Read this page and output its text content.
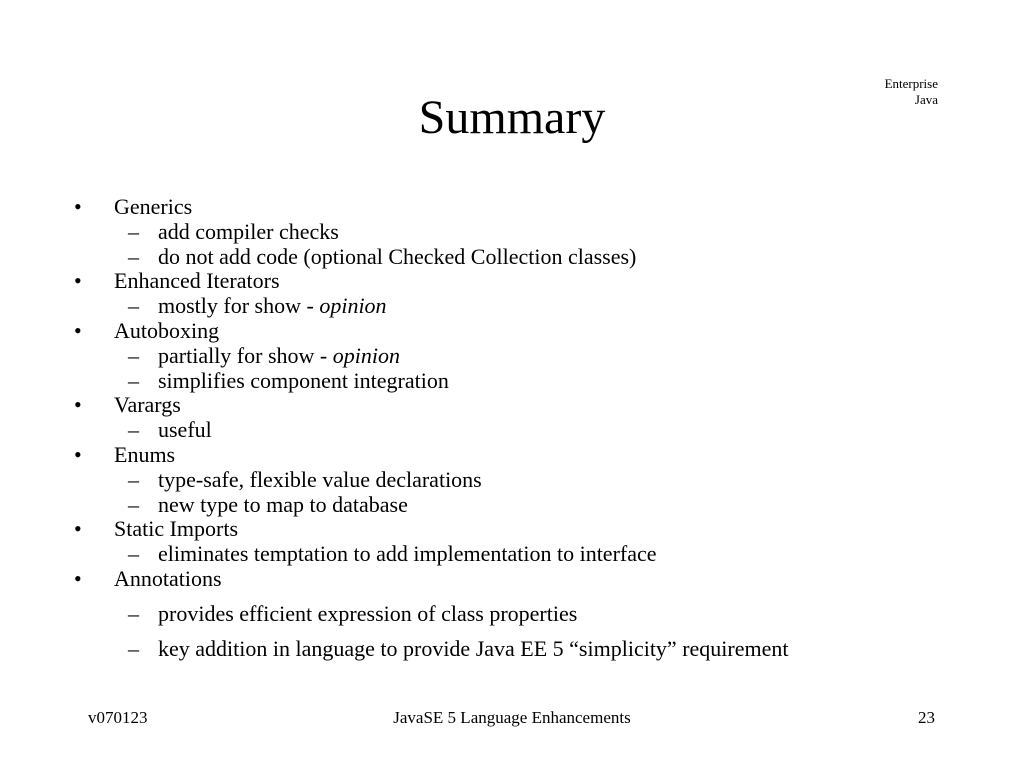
Enterprise
Java
Summary
• Generics
– add compiler checks
– do not add code (optional Checked Collection classes)
• Enhanced Iterators
– mostly for show - opinion
• Autoboxing
– partially for show - opinion
– simplifies component integration
• Varargs
– useful
• Enums
– type-safe, flexible value declarations
– new type to map to database
• Static Imports
– eliminates temptation to add implementation to interface
• Annotations
– provides efficient expression of class properties
– key addition in language to provide Java EE 5 “simplicity” requirement
v070123	JavaSE 5 Language Enhancements	23
